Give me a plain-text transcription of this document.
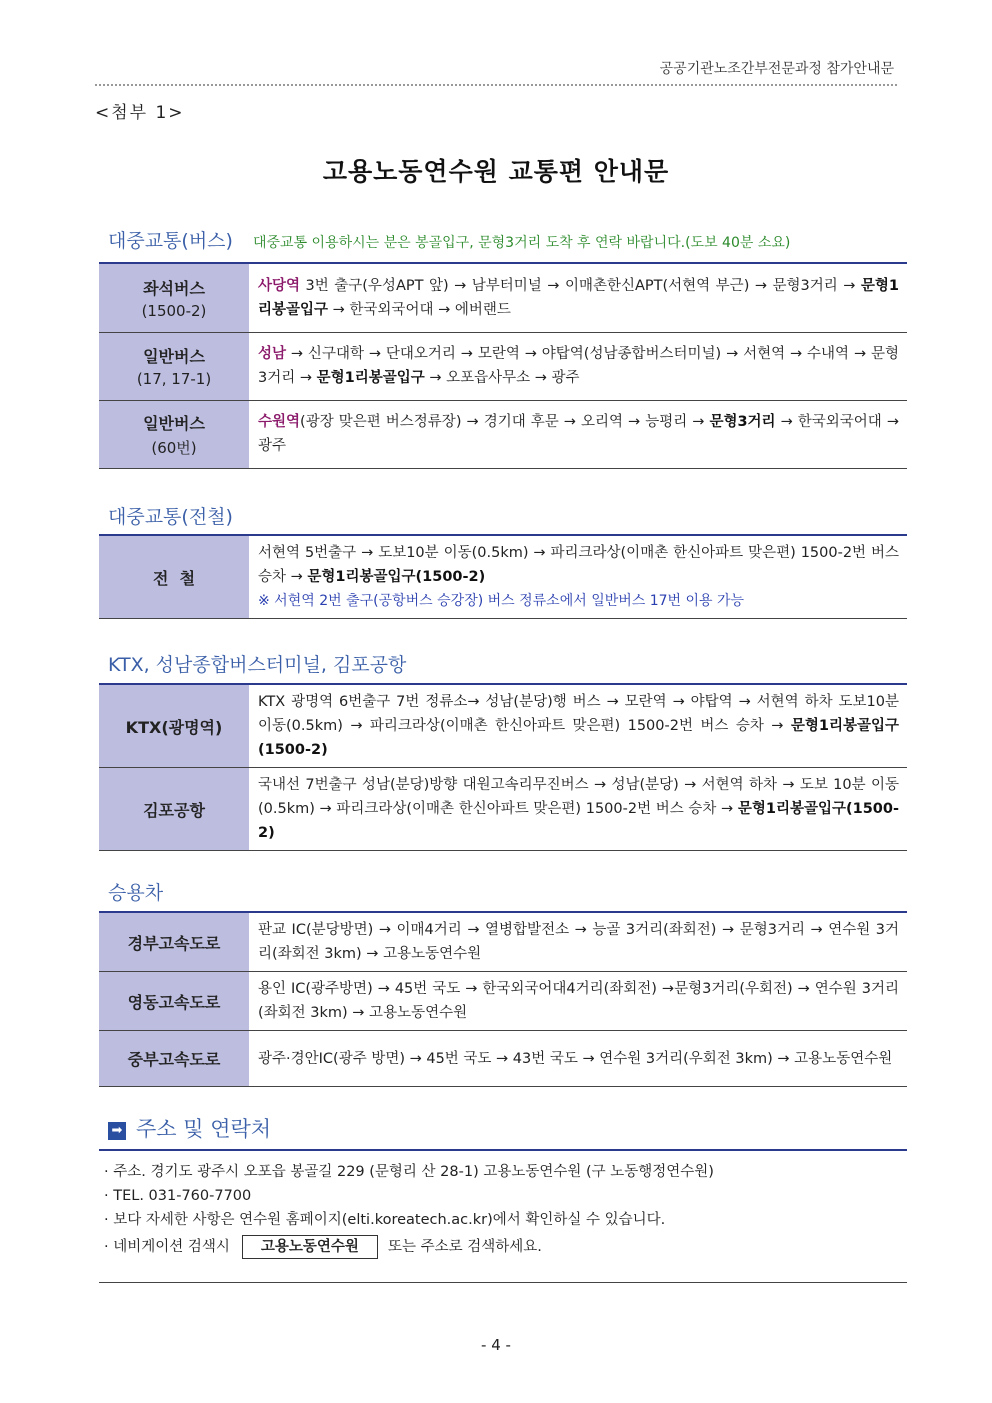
공공기관노조간부전문과정 참가안내문
<첨부 1>
고용노동연수원 교통편 안내문
대중교통(버스) 대중교통 이용하시는 분은 봉골입구, 문형3거리 도착 후 연락 바랍니다.(도보 40분 소요)
좌석버스
(1500-2)	사당역 3번 출구(우성APT 앞) → 남부터미널 → 이매촌한신APT(서현역 부근) → 문형3거리 → 문형1리봉골입구 → 한국외국어대 → 에버랜드
일반버스
(17, 17-1)	성남 → 신구대학 → 단대오거리 → 모란역 → 야탑역(성남종합버스터미널) → 서현역 → 수내역 → 문형3거리 → 문형1리봉골입구 → 오포읍사무소 → 광주
일반버스
(60번)	수원역(광장 맞은편 버스정류장) → 경기대 후문 → 오리역 → 능평리 → 문형3거리 → 한국외국어대 → 광주
대중교통(전철)
전  철	서현역 5번출구 → 도보10분 이동(0.5km) → 파리크라상(이매촌 한신아파트 맞은편) 1500-2번 버스 승차 → 문형1리봉골입구(1500-2)
※ 서현역 2번 출구(공항버스 승강장) 버스 정류소에서 일반버스 17번 이용 가능
KTX, 성남종합버스터미널, 김포공항
KTX(광명역)	KTX 광명역 6번출구 7번 정류소→ 성남(분당)행 버스 → 모란역 → 야탑역 → 서현역 하차 도보10분 이동(0.5km) → 파리크라상(이매촌 한신아파트 맞은편) 1500-2번 버스 승차 → 문형1리봉골입구(1500-2)
김포공항	국내선 7번출구 성남(분당)방향 대원고속리무진버스 → 성남(분당) → 서현역 하차 → 도보 10분 이동(0.5km) → 파리크라상(이매촌 한신아파트 맞은편) 1500-2번 버스 승차 → 문형1리봉골입구(1500-2)
승용차
경부고속도로	판교 IC(분당방면) → 이매4거리 → 열병합발전소 → 능골 3거리(좌회전) → 문형3거리 → 연수원 3거리(좌회전 3km) → 고용노동연수원
영동고속도로	용인 IC(광주방면) → 45번 국도 → 한국외국어대4거리(좌회전) →문형3거리(우회전) → 연수원 3거리(좌회전 3km) → 고용노동연수원
중부고속도로	광주·경안IC(광주 방면) → 45번 국도 → 43번 국도 → 연수원 3거리(우회전 3km) → 고용노동연수원
➡ 주소 및 연락처
· 주소. 경기도 광주시 오포읍 봉골길 229 (문형리 산 28-1) 고용노동연수원 (구 노동행정연수원)
· TEL. 031-760-7700
· 보다 자세한 사항은 연수원 홈페이지(elti.koreatech.ac.kr)에서 확인하실 수 있습니다.
· 네비게이션 검색시 고용노동연수원 또는 주소로 검색하세요.
- 4 -
